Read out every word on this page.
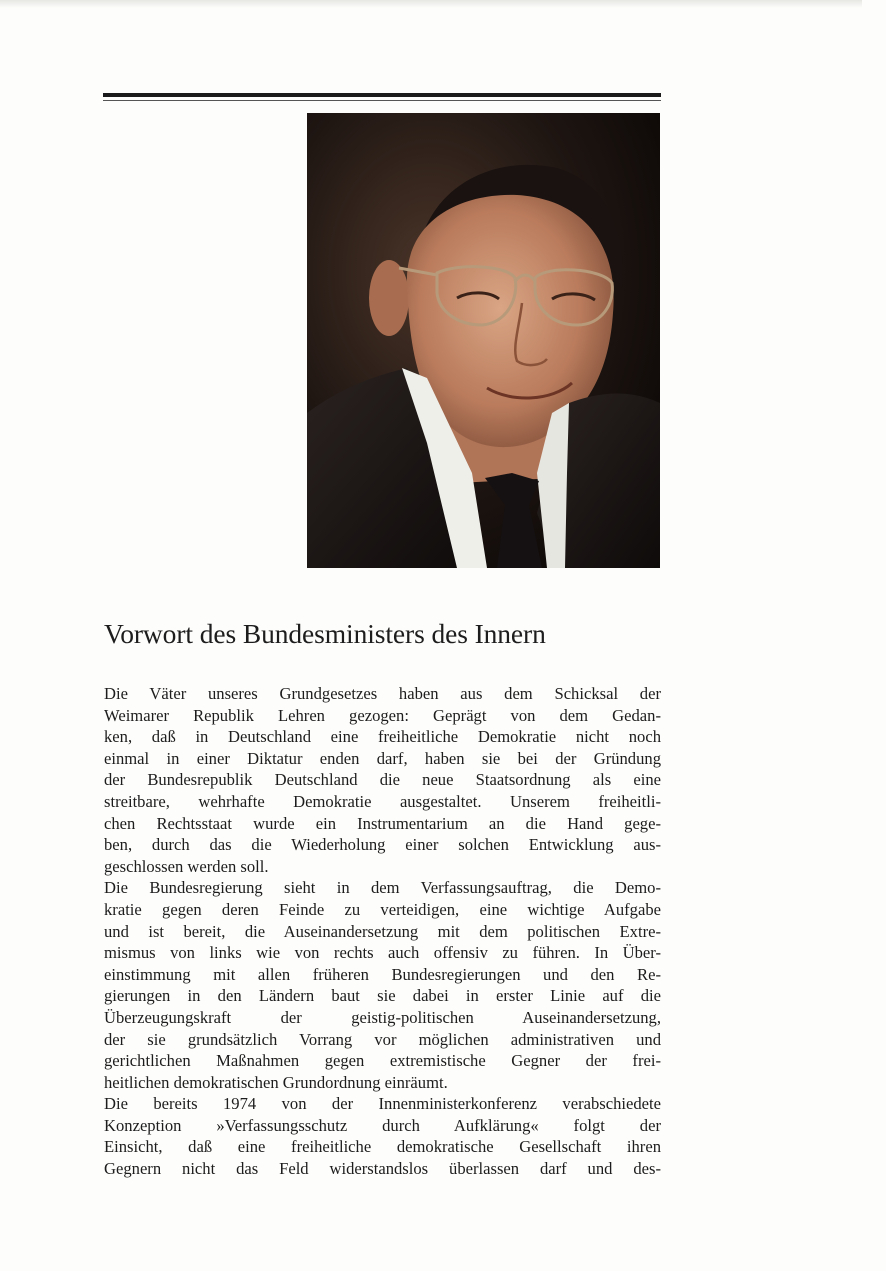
Vorwort des Bundesministers des Innern
Die Väter unseres Grundgesetzes haben aus dem Schicksal der
Weimarer Republik Lehren gezogen: Geprägt von dem Gedan-
ken, daß in Deutschland eine freiheitliche Demokratie nicht noch
einmal in einer Diktatur enden darf, haben sie bei der Gründung
der Bundesrepublik Deutschland die neue Staatsordnung als eine
streitbare, wehrhafte Demokratie ausgestaltet. Unserem freiheitli-
chen Rechtsstaat wurde ein Instrumentarium an die Hand gege-
ben, durch das die Wiederholung einer solchen Entwicklung aus-
geschlossen werden soll.
Die Bundesregierung sieht in dem Verfassungsauftrag, die Demo-
kratie gegen deren Feinde zu verteidigen, eine wichtige Aufgabe
und ist bereit, die Auseinandersetzung mit dem politischen Extre-
mismus von links wie von rechts auch offensiv zu führen. In Über-
einstimmung mit allen früheren Bundesregierungen und den Re-
gierungen in den Ländern baut sie dabei in erster Linie auf die
Überzeugungskraft der geistig-politischen Auseinandersetzung,
der sie grundsätzlich Vorrang vor möglichen administrativen und
gerichtlichen Maßnahmen gegen extremistische Gegner der frei-
heitlichen demokratischen Grundordnung einräumt.
Die bereits 1974 von der Innenministerkonferenz verabschiedete
Konzeption »Verfassungsschutz durch Aufklärung« folgt der
Einsicht, daß eine freiheitliche demokratische Gesellschaft ihren
Gegnern nicht das Feld widerstandslos überlassen darf und des-
